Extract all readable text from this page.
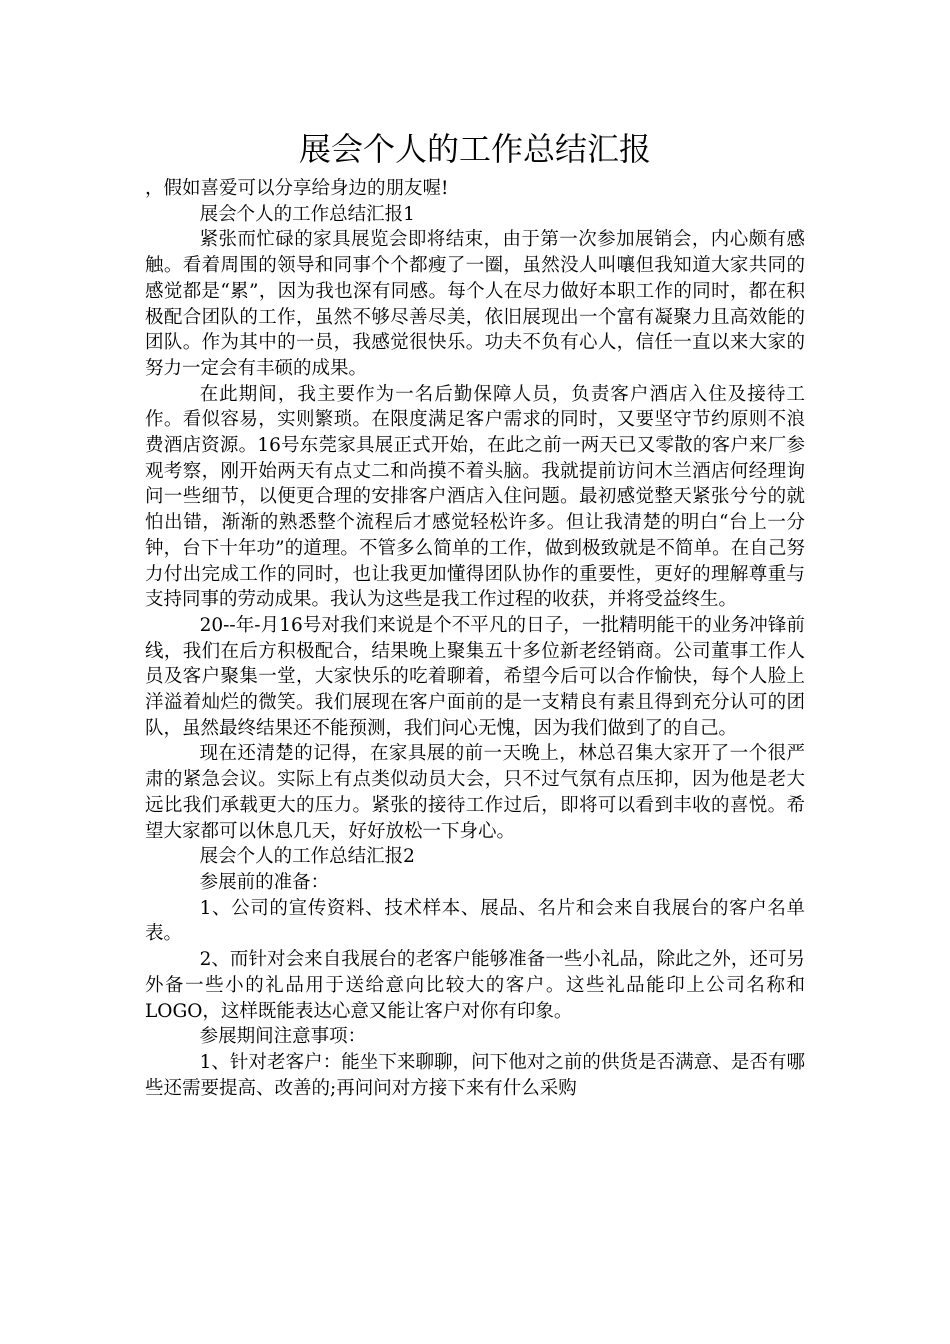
展会个人的工作总结汇报

，假如喜爱可以分享给身边的朋友喔!

展会个人的工作总结汇报1

紧张而忙碌的家具展览会即将结束，由于第一次参加展销会，内心颇有感触。看着周围的领导和同事个个都瘦了一圈，虽然没人叫嚷但我知道大家共同的感觉都是“累”，因为我也深有同感。每个人在尽力做好本职工作的同时，都在积极配合团队的工作，虽然不够尽善尽美，依旧展现出一个富有凝聚力且高效能的团队。作为其中的一员，我感觉很快乐。功夫不负有心人，信任一直以来大家的努力一定会有丰硕的成果。

在此期间，我主要作为一名后勤保障人员，负责客户酒店入住及接待工作。看似容易，实则繁琐。在限度满足客户需求的同时，又要坚守节约原则不浪费酒店资源。16号东莞家具展正式开始，在此之前一两天已又零散的客户来厂参观考察，刚开始两天有点丈二和尚摸不着头脑。我就提前访问木兰酒店何经理询问一些细节，以便更合理的安排客户酒店入住问题。最初感觉整天紧张兮兮的就怕出错，渐渐的熟悉整个流程后才感觉轻松许多。但让我清楚的明白“台上一分钟，台下十年功”的道理。不管多么简单的工作，做到极致就是不简单。在自己努力付出完成工作的同时，也让我更加懂得团队协作的重要性，更好的理解尊重与支持同事的劳动成果。我认为这些是我工作过程的收获，并将受益终生。

20--年-月16号对我们来说是个不平凡的日子，一批精明能干的业务冲锋前线，我们在后方积极配合，结果晚上聚集五十多位新老经销商。公司董事工作人员及客户聚集一堂，大家快乐的吃着聊着，希望今后可以合作愉快，每个人脸上洋溢着灿烂的微笑。我们展现在客户面前的是一支精良有素且得到充分认可的团队，虽然最终结果还不能预测，我们问心无愧，因为我们做到了的自己。

现在还清楚的记得，在家具展的前一天晚上，林总召集大家开了一个很严肃的紧急会议。实际上有点类似动员大会，只不过气氛有点压抑，因为他是老大远比我们承载更大的压力。紧张的接待工作过后，即将可以看到丰收的喜悦。希望大家都可以休息几天，好好放松一下身心。

展会个人的工作总结汇报2

参展前的准备：

1、公司的宣传资料、技术样本、展品、名片和会来自我展台的客户名单表。

2、而针对会来自我展台的老客户能够准备一些小礼品，除此之外，还可另外备一些小的礼品用于送给意向比较大的客户。这些礼品能印上公司名称和LOGO，这样既能表达心意又能让客户对你有印象。

参展期间注意事项：

1、针对老客户：能坐下来聊聊，问下他对之前的供货是否满意、是否有哪些还需要提高、改善的;再问问对方接下来有什么采购
